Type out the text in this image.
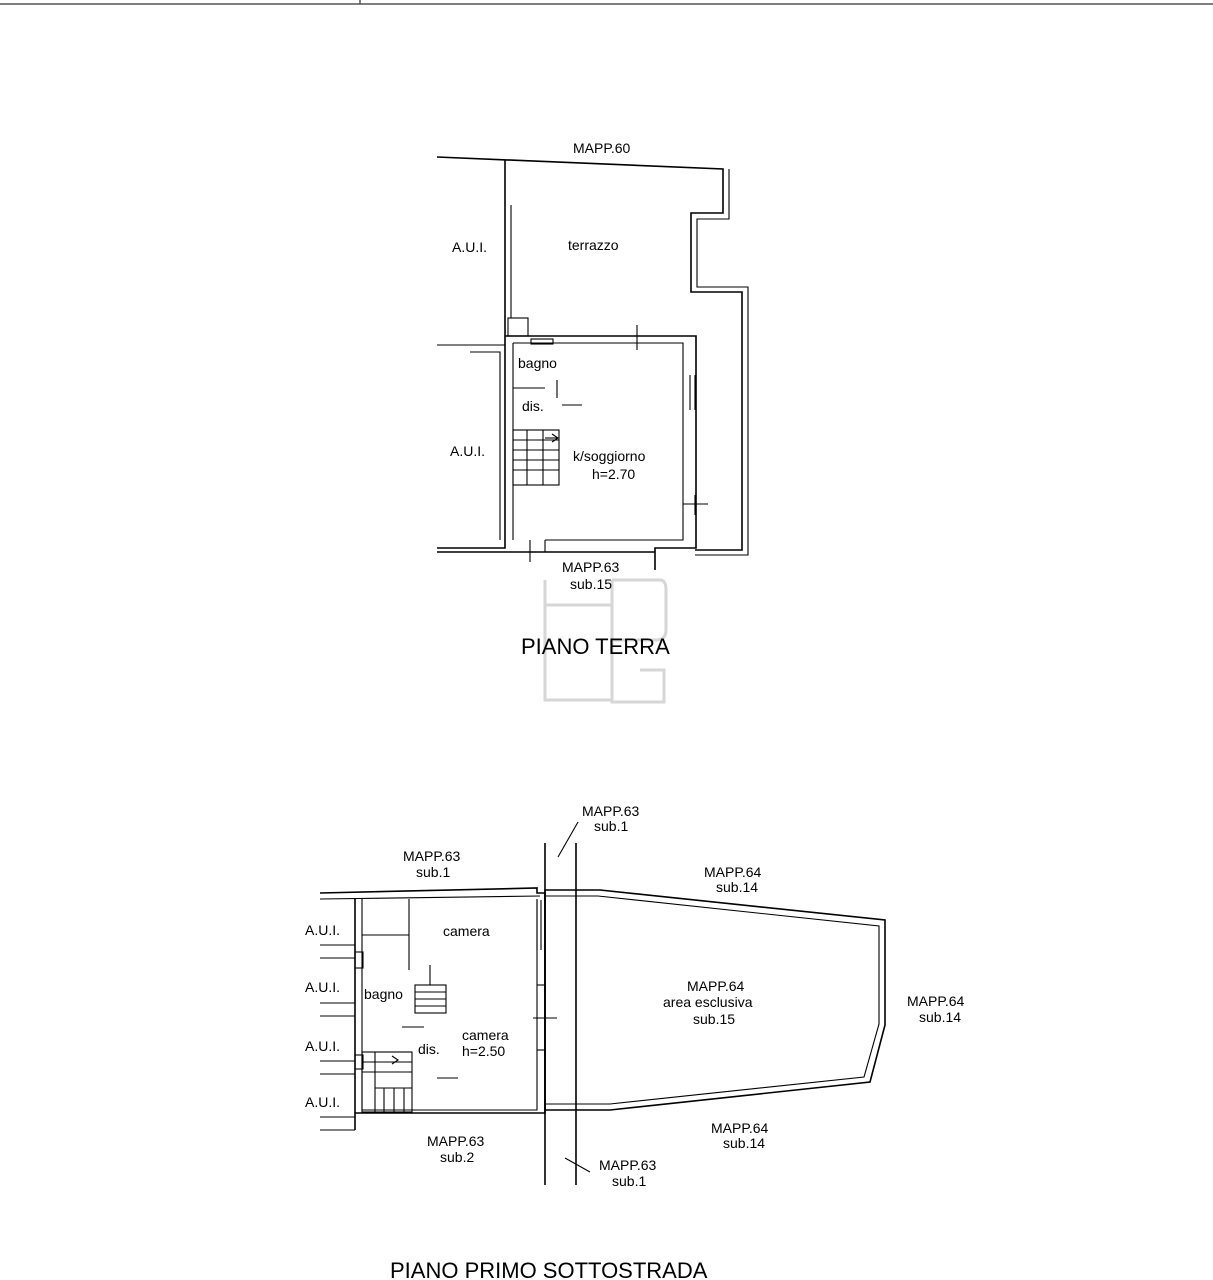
MAPP.60
A.U.I.	terrazzo
bagno
dis.
A.U.I.	k/soggiorno
h=2.70
MAPP.63
sub.15
PIANO TERRA
MAPP.63
sub.1
MAPP.63
sub.1	MAPP.64
sub.14
A.U.I.	camera
A.U.I. bagno	MAPP.64
area esclusiva
sub.15
MAPP.64
sub.14
camera
A.U.I.	dis. h=2.50
A.U.I.
MAPP.64
sub.14
MAPP.63
sub.2	MAPP.63
sub.1
PIANO PRIMO SOTTOSTRADA
